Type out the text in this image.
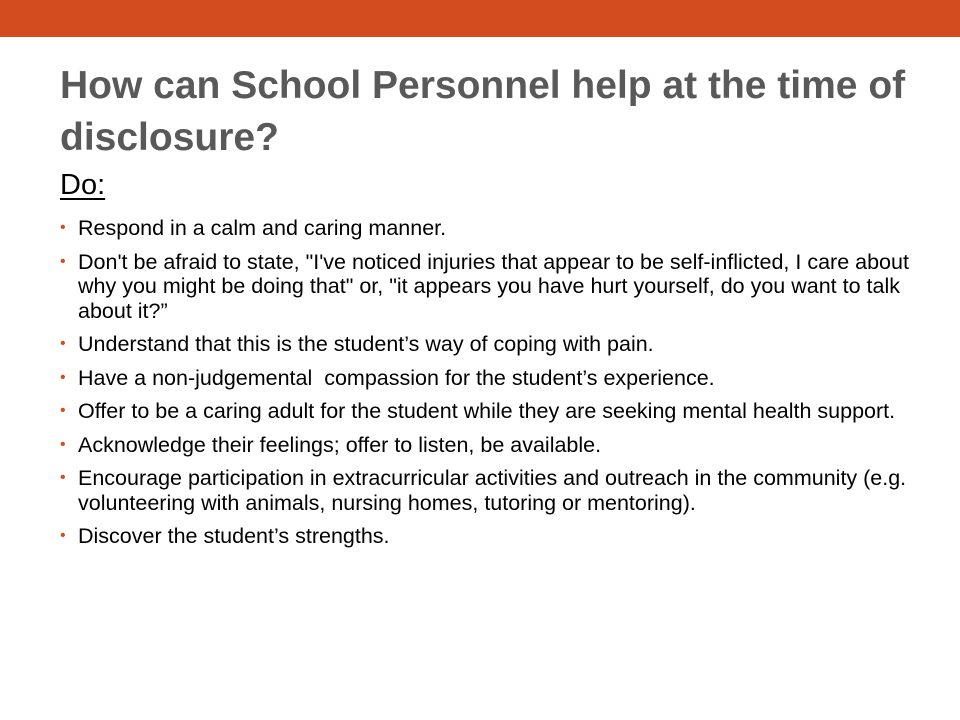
How can School Personnel help at the time of disclosure?
Do:
• Respond in a calm and caring manner.
• Don't be afraid to state, "I've noticed injuries that appear to be self-inflicted, I care about why you might be doing that" or, "it appears you have hurt yourself, do you want to talk about it?”
• Understand that this is the student’s way of coping with pain.
• Have a non-judgemental  compassion for the student’s experience.
• Offer to be a caring adult for the student while they are seeking mental health support.
• Acknowledge their feelings; offer to listen, be available.
• Encourage participation in extracurricular activities and outreach in the community (e.g. volunteering with animals, nursing homes, tutoring or mentoring).
• Discover the student’s strengths.
